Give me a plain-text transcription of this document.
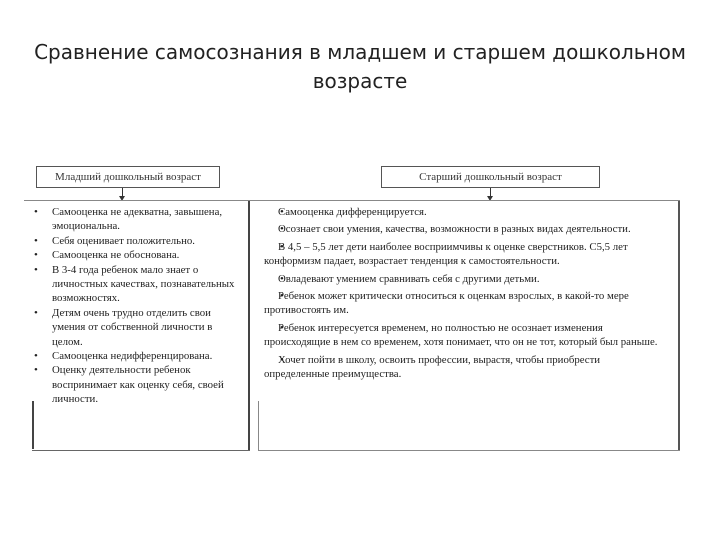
Сравнение самосознания в младшем и старшем дошкольном возрасте
Младший дошкольный возраст	Старший дошкольный возраст
• Самооценка не адекватна, завышена, эмоциональна.
• Себя оценивает положительно.
• Самооценка не обоснована.
• В 3-4 года ребенок мало знает о личностных качествах, познавательных возможностях.
• Детям очень трудно отделить свои умения от собственной личности в целом.
• Самооценка недифференцирована.
• Оценку деятельности ребенок воспринимает как оценку себя, своей личности.
• Самооценка дифференцируется.
• Осознает свои умения, качества, возможности в разных видах деятельности.
• В 4,5 – 5,5 лет дети наиболее восприимчивы к оценке сверстников. С5,5 лет конформизм падает, возрастает тенденция к самостоятельности.
• Овладевают умением сравнивать себя с другими детьми.
• Ребенок может критически относиться к оценкам взрослых, в какой-то мере противостоять им.
• Ребенок интересуется временем, но полностью не осознает изменения происходящие в нем со временем, хотя понимает, что он не тот, который был раньше.
• Хочет пойти в школу, освоить профессии, вырастя, чтобы приобрести определенные преимущества.
